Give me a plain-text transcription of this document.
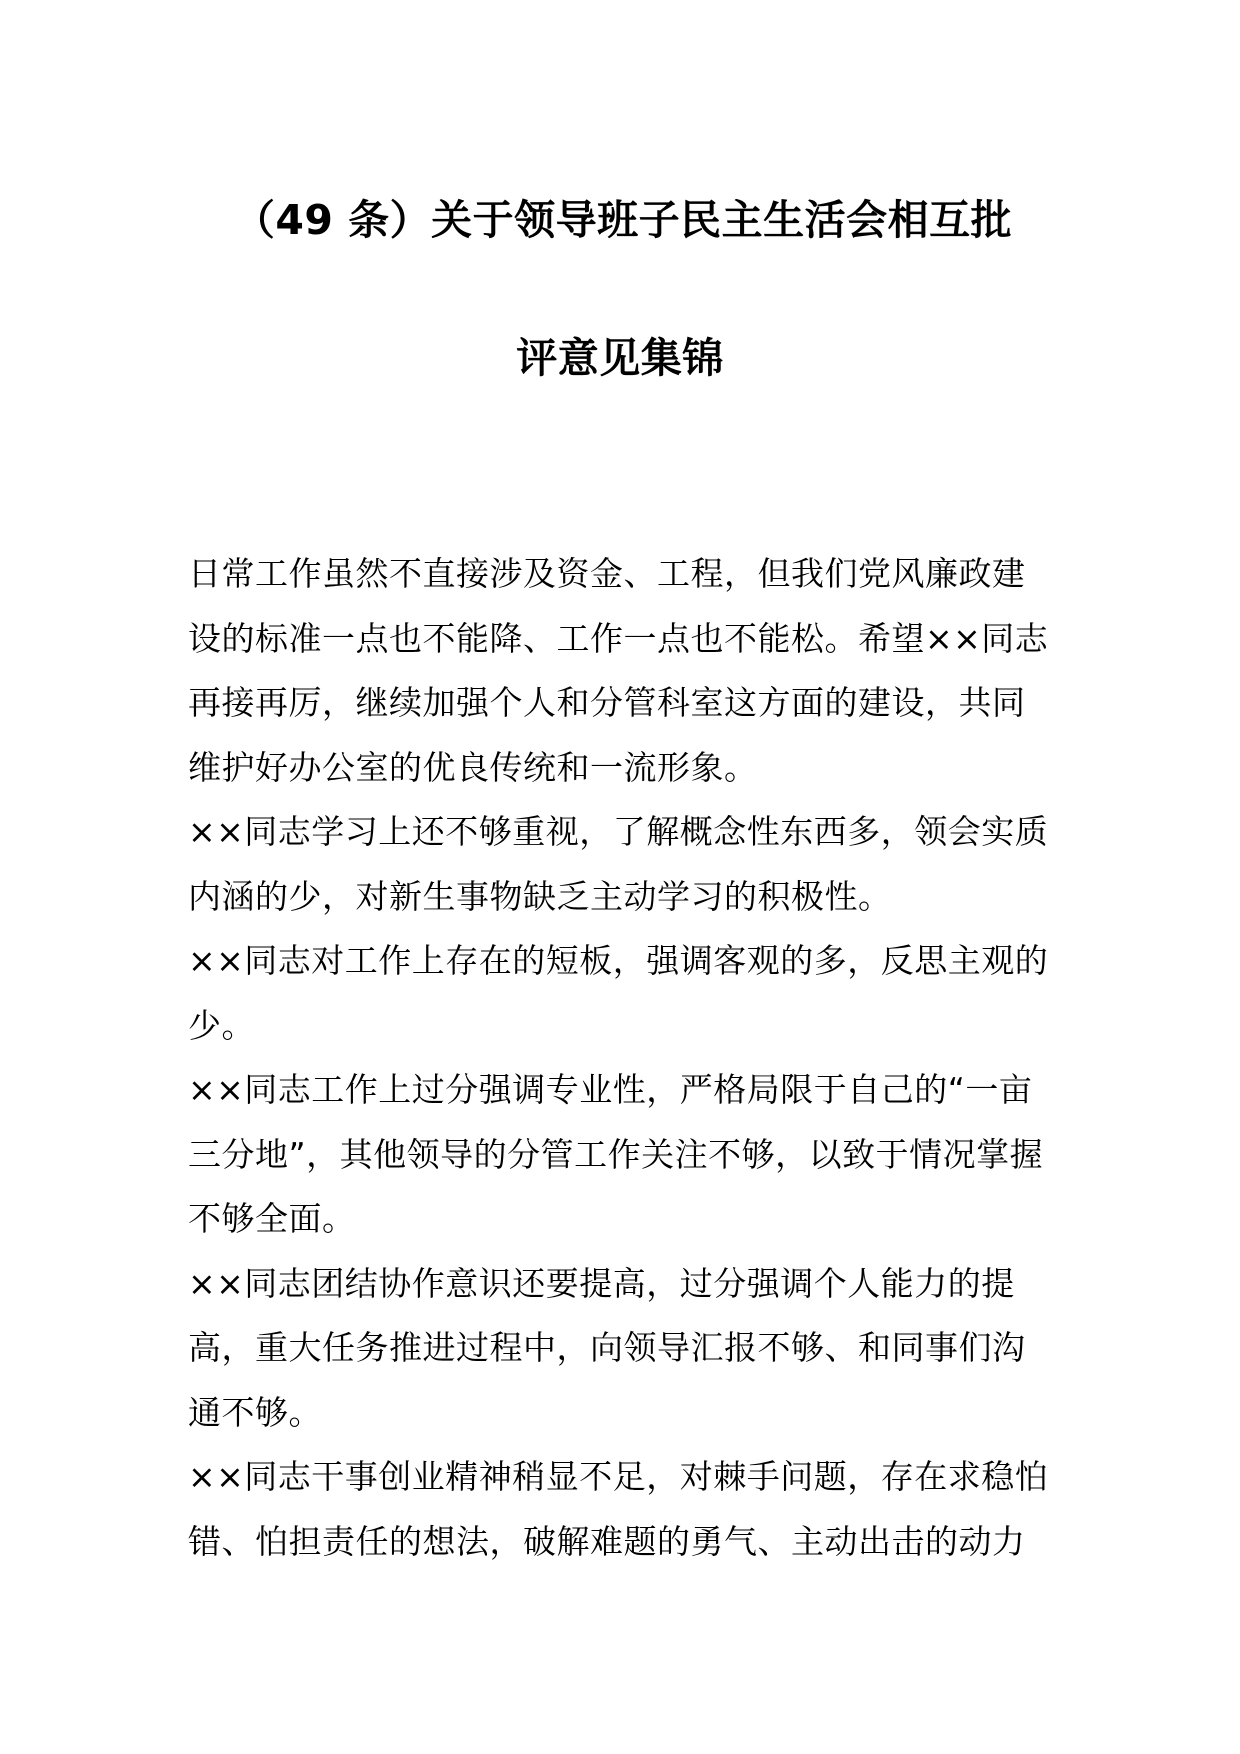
（49 条）关于领导班子民主生活会相互批
评意见集锦

日常工作虽然不直接涉及资金、工程，但我们党风廉政建设的标准一点也不能降、工作一点也不能松。希望××同志再接再厉，继续加强个人和分管科室这方面的建设，共同维护好办公室的优良传统和一流形象。

××同志学习上还不够重视，了解概念性东西多，领会实质内涵的少，对新生事物缺乏主动学习的积极性。

××同志对工作上存在的短板，强调客观的多，反思主观的少。

××同志工作上过分强调专业性，严格局限于自己的“一亩三分地”，其他领导的分管工作关注不够，以致于情况掌握不够全面。

××同志团结协作意识还要提高，过分强调个人能力的提高，重大任务推进过程中，向领导汇报不够、和同事们沟通不够。

××同志干事创业精神稍显不足，对棘手问题，存在求稳怕错、怕担责任的想法，破解难题的勇气、主动出击的动力
